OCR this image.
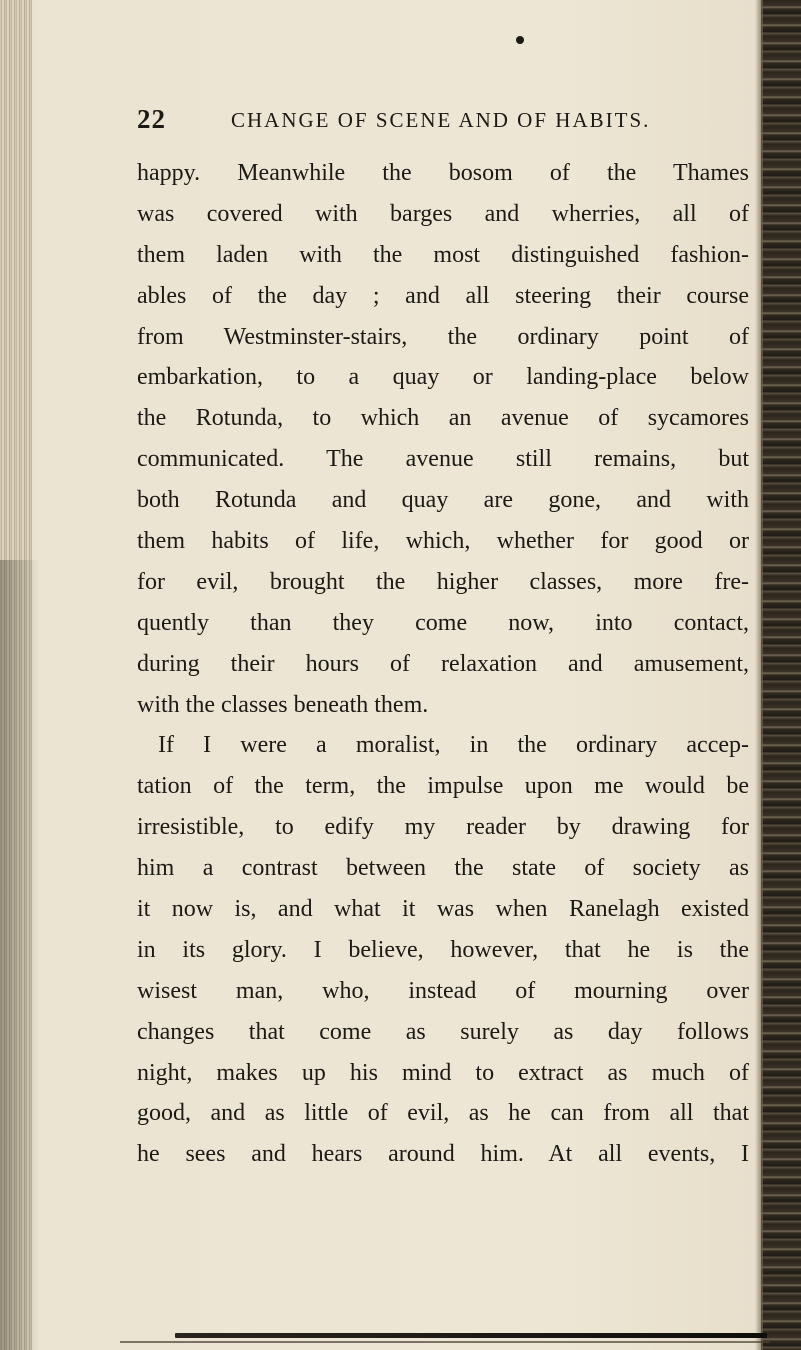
22	CHANGE OF SCENE AND OF HABITS.
happy. Meanwhile the bosom of the Thames
was covered with barges and wherries, all of
them laden with the most distinguished fashion-
ables of the day ; and all steering their course
from Westminster-stairs, the ordinary point of
embarkation, to a quay or landing-place below
the Rotunda, to which an avenue of sycamores
communicated. The avenue still remains, but
both Rotunda and quay are gone, and with
them habits of life, which, whether for good or
for evil, brought the higher classes, more fre-
quently than they come now, into contact,
during their hours of relaxation and amusement,
with the classes beneath them.
If I were a moralist, in the ordinary accep-
tation of the term, the impulse upon me would be
irresistible, to edify my reader by drawing for
him a contrast between the state of society as
it now is, and what it was when Ranelagh existed
in its glory. I believe, however, that he is the
wisest man, who, instead of mourning over
changes that come as surely as day follows
night, makes up his mind to extract as much of
good, and as little of evil, as he can from all that
he sees and hears around him. At all events, I
